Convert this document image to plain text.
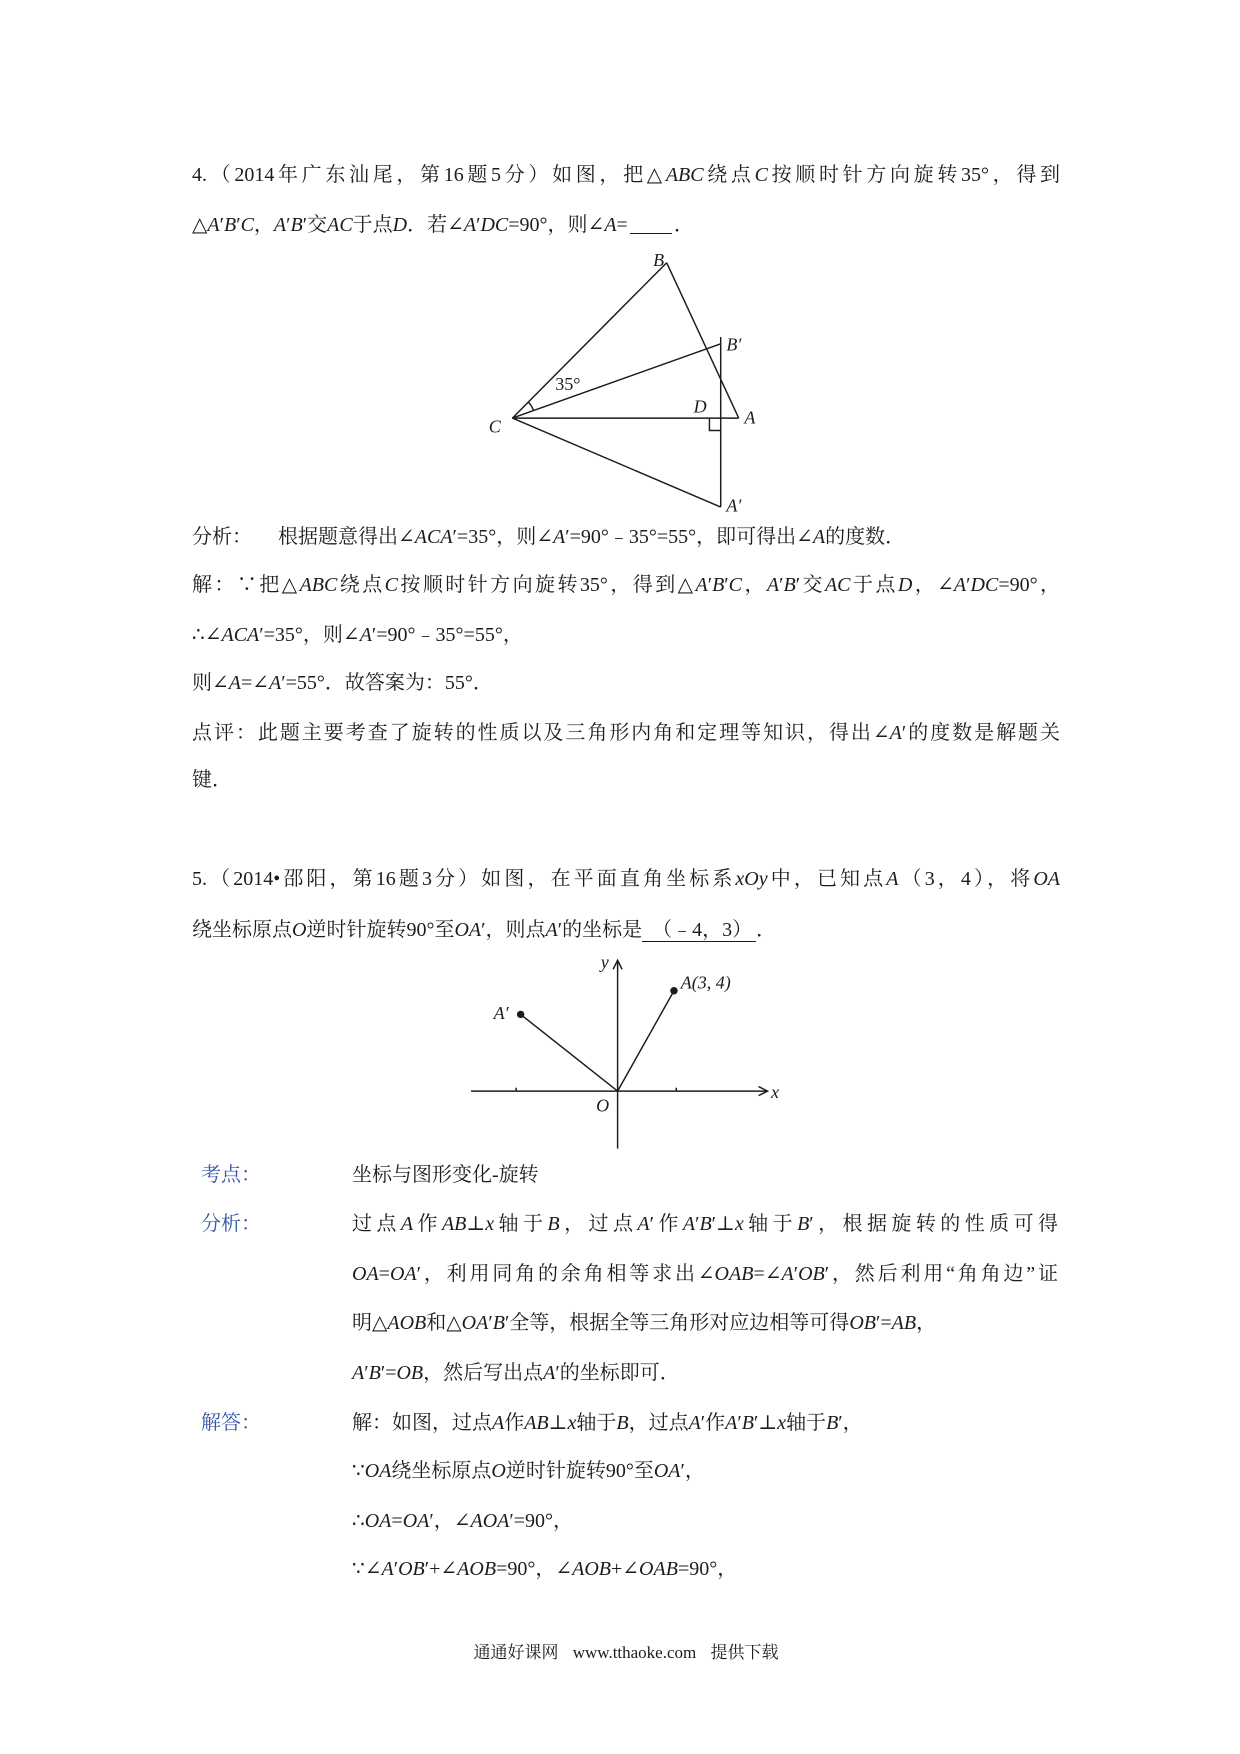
4.（2014年广东汕尾，第16题5分）如图，把△ABC绕点C按顺时针方向旋转35°，得到
△A′B′C，A′B′交AC于点D．若∠A′DC=90°，则∠A= ．
B
B′
35°
C
D
A
A′
分析： 根据题意得出∠ACA′=35°，则∠A′=90°﹣35°=55°，即可得出∠A的度数．
解：∵把△ABC绕点C按顺时针方向旋转35°，得到△A′B′C，A′B′交AC于点D，∠A′DC=90°，
∴∠ACA′=35°，则∠A′=90°﹣35°=55°，
则∠A=∠A′=55°．故答案为：55°．
点评：此题主要考查了旋转的性质以及三角形内角和定理等知识，得出∠A′的度数是解题关
键．
5.（2014•邵阳，第16题3分）如图，在平面直角坐标系xOy中，已知点A（3，4），将OA
绕坐标原点O逆时针旋转90°至OA′，则点A′的坐标是 （﹣4，3） ．
x
y
O
A(3, 4)
A′
考点：	坐标与图形变化-旋转
分析：	过点A作AB⊥x轴于B，过点A′作A′B′⊥x轴于B′，根据旋转的性质可得
OA=OA′，利用同角的余角相等求出∠OAB=∠A′OB′，然后利用“角角边”证
明△AOB和△OA′B′全等，根据全等三角形对应边相等可得OB′=AB，
A′B′=OB，然后写出点A′的坐标即可．
解答：	解：如图，过点A作AB⊥x轴于B，过点A′作A′B′⊥x轴于B′，
∵OA绕坐标原点O逆时针旋转90°至OA′，
∴OA=OA′，∠AOA′=90°，
∵∠A′OB′+∠AOB=90°，∠AOB+∠OAB=90°，
通通好课网 www.tthaoke.com 提供下载
